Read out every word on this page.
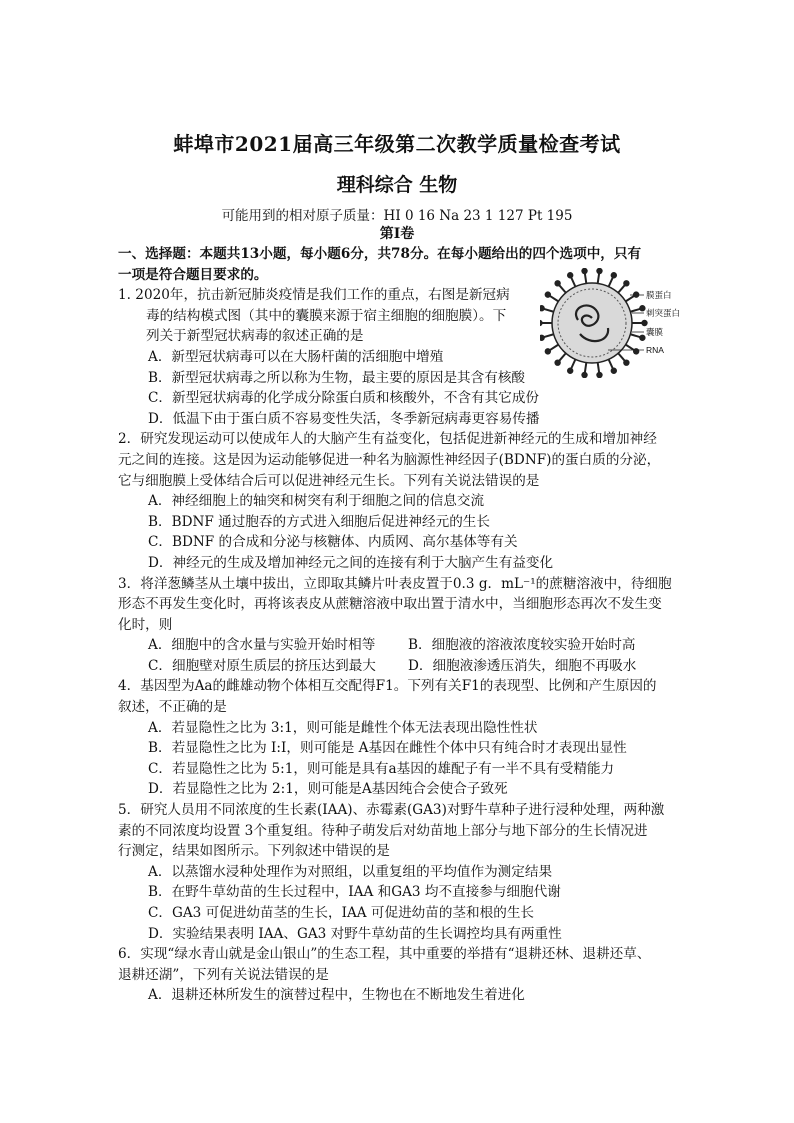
蚌埠市2021届高三年级第二次教学质量检查考试
理科综合 生物
可能用到的相对原子质量：HI 0 16 Na 23 1 127 Pt 195
第Ⅰ卷
膜蛋白
刺突蛋白
囊膜
RNA
一、选择题：本题共13小题，每小题6分，共78分。在每小题给出的四个选项中，只有
一项是符合题目要求的。
1. 2020年，抗击新冠肺炎疫情是我们工作的重点，右图是新冠病
毒的结构模式图（其中的囊膜来源于宿主细胞的细胞膜）。下
列关于新型冠状病毒的叙述正确的是
A．新型冠状病毒可以在大肠杆菌的活细胞中增殖
B．新型冠状病毒之所以称为生物，最主要的原因是其含有核酸
C．新型冠状病毒的化学成分除蛋白质和核酸外，不含有其它成份
D．低温下由于蛋白质不容易变性失活，冬季新冠病毒更容易传播
2．研究发现运动可以使成年人的大脑产生有益变化，包括促进新神经元的生成和增加神经
元之间的连接。这是因为运动能够促进一种名为脑源性神经因子(BDNF)的蛋白质的分泌，
它与细胞膜上受体结合后可以促进神经元生长。下列有关说法错误的是
A．神经细胞上的轴突和树突有利于细胞之间的信息交流
B．BDNF 通过胞吞的方式进入细胞后促进神经元的生长
C．BDNF 的合成和分泌与核糖体、内质网、高尔基体等有关
D．神经元的生成及增加神经元之间的连接有利于大脑产生有益变化
3．将洋葱鳞茎从土壤中拔出，立即取其鳞片叶表皮置于0.3 g．mL⁻¹的蔗糖溶液中，待细胞
形态不再发生变化时，再将该表皮从蔗糖溶液中取出置于清水中，当细胞形态再次不发生变
化时，则
A．细胞中的含水量与实验开始时相等 B．细胞液的溶液浓度较实验开始时高
C．细胞壁对原生质层的挤压达到最大 D．细胞液渗透压消失，细胞不再吸水
4．基因型为Aa的雌雄动物个体相互交配得F1。下列有关F1的表现型、比例和产生原因的
叙述，不正确的是
A．若显隐性之比为 3:1，则可能是雌性个体无法表现出隐性性状
B．若显隐性之比为 I:I，则可能是 A基因在雌性个体中只有纯合时才表现出显性
C．若显隐性之比为 5:1，则可能是具有a基因的雄配子有一半不具有受精能力
D．若显隐性之比为 2:1，则可能是A基因纯合会使合子致死
5．研究人员用不同浓度的生长素(IAA)、赤霉素(GA3)对野牛草种子进行浸种处理，两种激
素的不同浓度均设置 3个重复组。待种子萌发后对幼苗地上部分与地下部分的生长情况进
行测定，结果如图所示。下列叙述中错误的是
A．以蒸馏水浸种处理作为对照组，以重复组的平均值作为测定结果
B．在野牛草幼苗的生长过程中，IAA 和GA3 均不直接参与细胞代谢
C．GA3 可促进幼苗茎的生长，IAA 可促进幼苗的茎和根的生长
D．实验结果表明 IAA、GA3 对野牛草幼苗的生长调控均具有两重性
6．实现“绿水青山就是金山银山”的生态工程，其中重要的举措有“退耕还林、退耕还草、
退耕还湖”，下列有关说法错误的是
A．退耕还林所发生的演替过程中，生物也在不断地发生着进化
